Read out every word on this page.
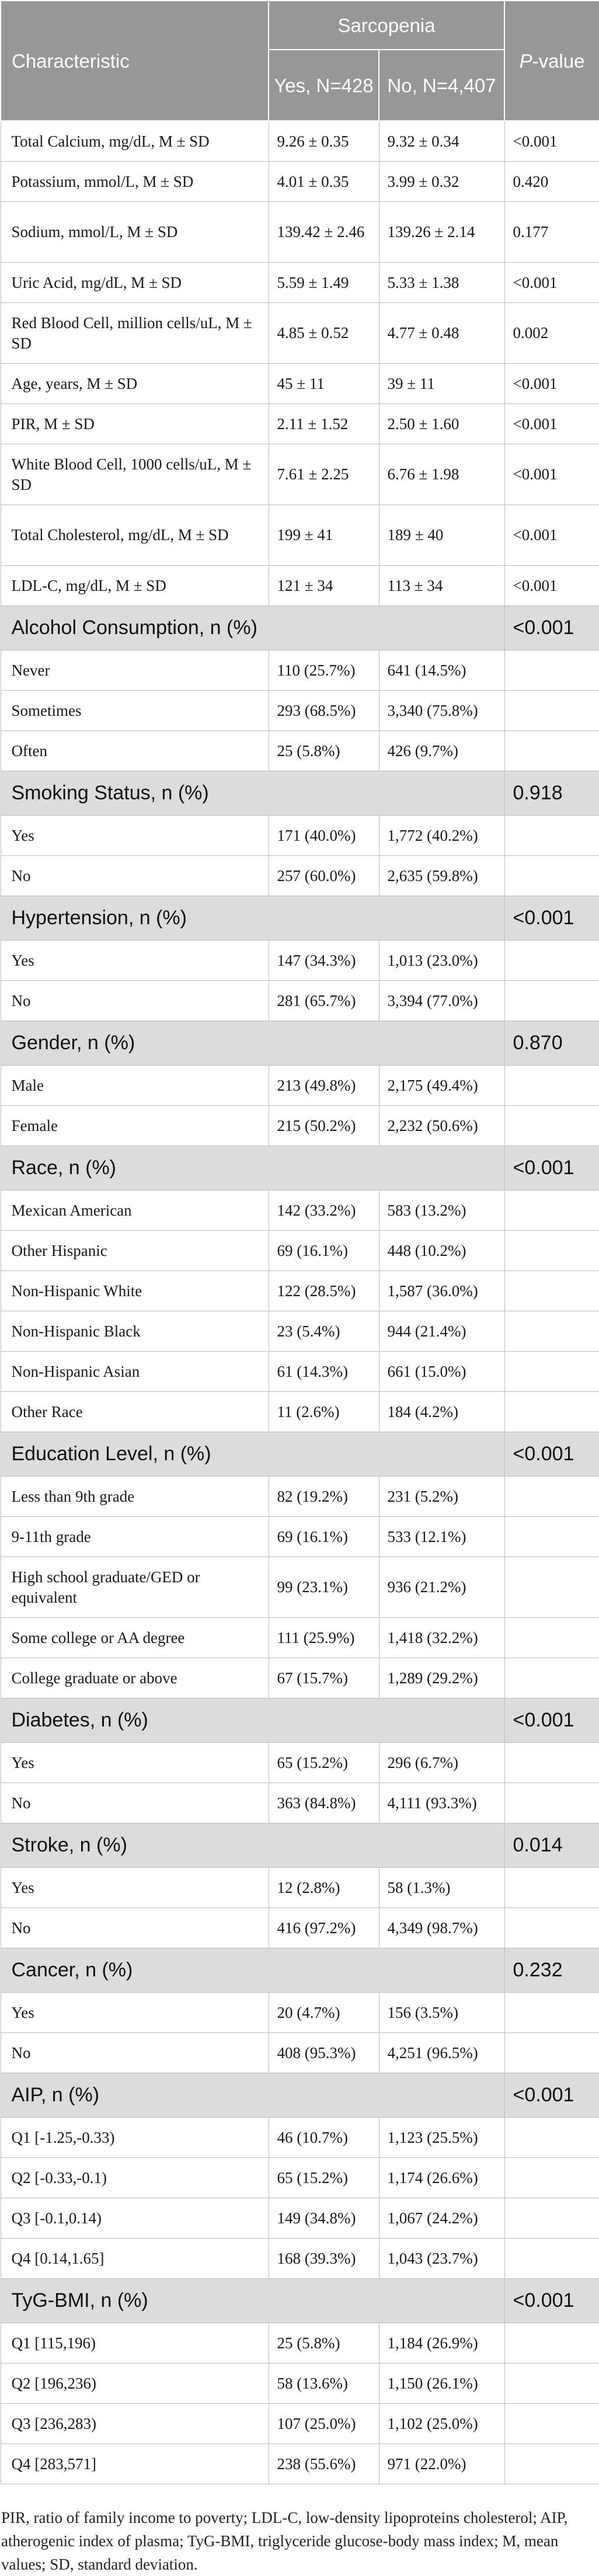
Characteristic	Sarcopenia		P-value
	Yes, N=428	No, N=4,407	
Total Calcium, mg/dL, M ± SD	9.26 ± 0.35	9.32 ± 0.34	<0.001
Potassium, mmol/L, M ± SD	4.01 ± 0.35	3.99 ± 0.32	0.420
Sodium, mmol/L, M ± SD	139.42 ± 2.46	139.26 ± 2.14	0.177
Uric Acid, mg/dL, M ± SD	5.59 ± 1.49	5.33 ± 1.38	<0.001
Red Blood Cell, million cells/uL, M ± SD	4.85 ± 0.52	4.77 ± 0.48	0.002
Age, years, M ± SD	45 ± 11	39 ± 11	<0.001
PIR, M ± SD	2.11 ± 1.52	2.50 ± 1.60	<0.001
White Blood Cell, 1000 cells/uL, M ± SD	7.61 ± 2.25	6.76 ± 1.98	<0.001
Total Cholesterol, mg/dL, M ± SD	199 ± 41	189 ± 40	<0.001
LDL-C, mg/dL, M ± SD	121 ± 34	113 ± 34	<0.001
Alcohol Consumption, n (%)			<0.001
Never	110 (25.7%)	641 (14.5%)	
Sometimes	293 (68.5%)	3,340 (75.8%)	
Often	25 (5.8%)	426 (9.7%)	
Smoking Status, n (%)			0.918
Yes	171 (40.0%)	1,772 (40.2%)	
No	257 (60.0%)	2,635 (59.8%)	
Hypertension, n (%)			<0.001
Yes	147 (34.3%)	1,013 (23.0%)	
No	281 (65.7%)	3,394 (77.0%)	
Gender, n (%)			0.870
Male	213 (49.8%)	2,175 (49.4%)	
Female	215 (50.2%)	2,232 (50.6%)	
Race, n (%)			<0.001
Mexican American	142 (33.2%)	583 (13.2%)	
Other Hispanic	69 (16.1%)	448 (10.2%)	
Non-Hispanic White	122 (28.5%)	1,587 (36.0%)	
Non-Hispanic Black	23 (5.4%)	944 (21.4%)	
Non-Hispanic Asian	61 (14.3%)	661 (15.0%)	
Other Race	11 (2.6%)	184 (4.2%)	
Education Level, n (%)			<0.001
Less than 9th grade	82 (19.2%)	231 (5.2%)	
9-11th grade	69 (16.1%)	533 (12.1%)	
High school graduate/GED or equivalent	99 (23.1%)	936 (21.2%)	
Some college or AA degree	111 (25.9%)	1,418 (32.2%)	
College graduate or above	67 (15.7%)	1,289 (29.2%)	
Diabetes, n (%)			<0.001
Yes	65 (15.2%)	296 (6.7%)	
No	363 (84.8%)	4,111 (93.3%)	
Stroke, n (%)			0.014
Yes	12 (2.8%)	58 (1.3%)	
No	416 (97.2%)	4,349 (98.7%)	
Cancer, n (%)			0.232
Yes	20 (4.7%)	156 (3.5%)	
No	408 (95.3%)	4,251 (96.5%)	
AIP, n (%)			<0.001
Q1 [-1.25,-0.33)	46 (10.7%)	1,123 (25.5%)	
Q2 [-0.33,-0.1)	65 (15.2%)	1,174 (26.6%)	
Q3 [-0.1,0.14)	149 (34.8%)	1,067 (24.2%)	
Q4 [0.14,1.65]	168 (39.3%)	1,043 (23.7%)	
TyG-BMI, n (%)			<0.001
Q1 [115,196)	25 (5.8%)	1,184 (26.9%)	
Q2 [196,236)	58 (13.6%)	1,150 (26.1%)	
Q3 [236,283)	107 (25.0%)	1,102 (25.0%)	
Q4 [283,571]	238 (55.6%)	971 (22.0%)	
PIR, ratio of family income to poverty; LDL-C, low-density lipoproteins cholesterol; AIP, atherogenic index of plasma; TyG-BMI, triglyceride glucose-body mass index; M, mean values; SD, standard deviation.
